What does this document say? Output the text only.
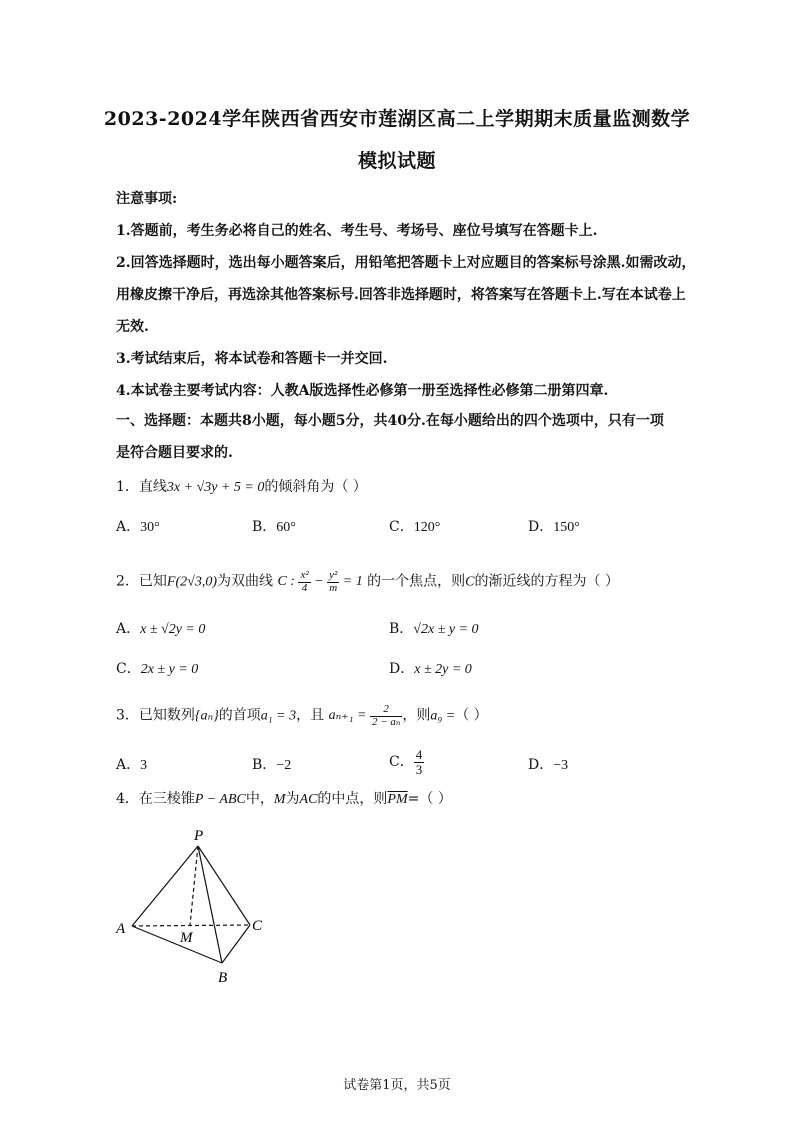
2023-2024学年陕西省西安市莲湖区高二上学期期末质量监测数学
模拟试题
注意事项:
1.答题前，考生务必将自己的姓名、考生号、考场号、座位号填写在答题卡上.
2.回答选择题时，选出每小题答案后，用铅笔把答题卡上对应题目的答案标号涂黑.如需改动，
用橡皮擦干净后，再选涂其他答案标号.回答非选择题时，将答案写在答题卡上.写在本试卷上
无效.
3.考试结束后，将本试卷和答题卡一并交回.
4.本试卷主要考试内容：人教A版选择性必修第一册至选择性必修第二册第四章.
一、选择题：本题共8小题，每小题5分，共40分.在每小题给出的四个选项中，只有一项
是符合题目要求的.
1．直线3x + √3y + 5 = 0的倾斜角为（ ）
A．30°	B．60°	C．120°	D．150°
2．已知F(2√3,0)为双曲线 C : $\frac{\text{x²}}{4} - \frac{\text{y²}}{m} = 1$ 的一个焦点，则C的渐近线的方程为（ ）
A．x ± √2y = 0	B．√2x ± y = 0
C．2x ± y = 0	D．x ± 2y = 0
3．已知数列{aₙ}的首项a₁ = 3，且 $a_{n+1} = \frac{2}{\text{2 − aₙ}}$ ，则a₉ =（ ）
A．3	B．−2	C． $\frac{4}{3}$	D．−3
4．在三棱锥P − ABC中，M为AC的中点，则$\overline{PM}=$（ ）
P
A	C
B
M
试卷第1页，共5页
